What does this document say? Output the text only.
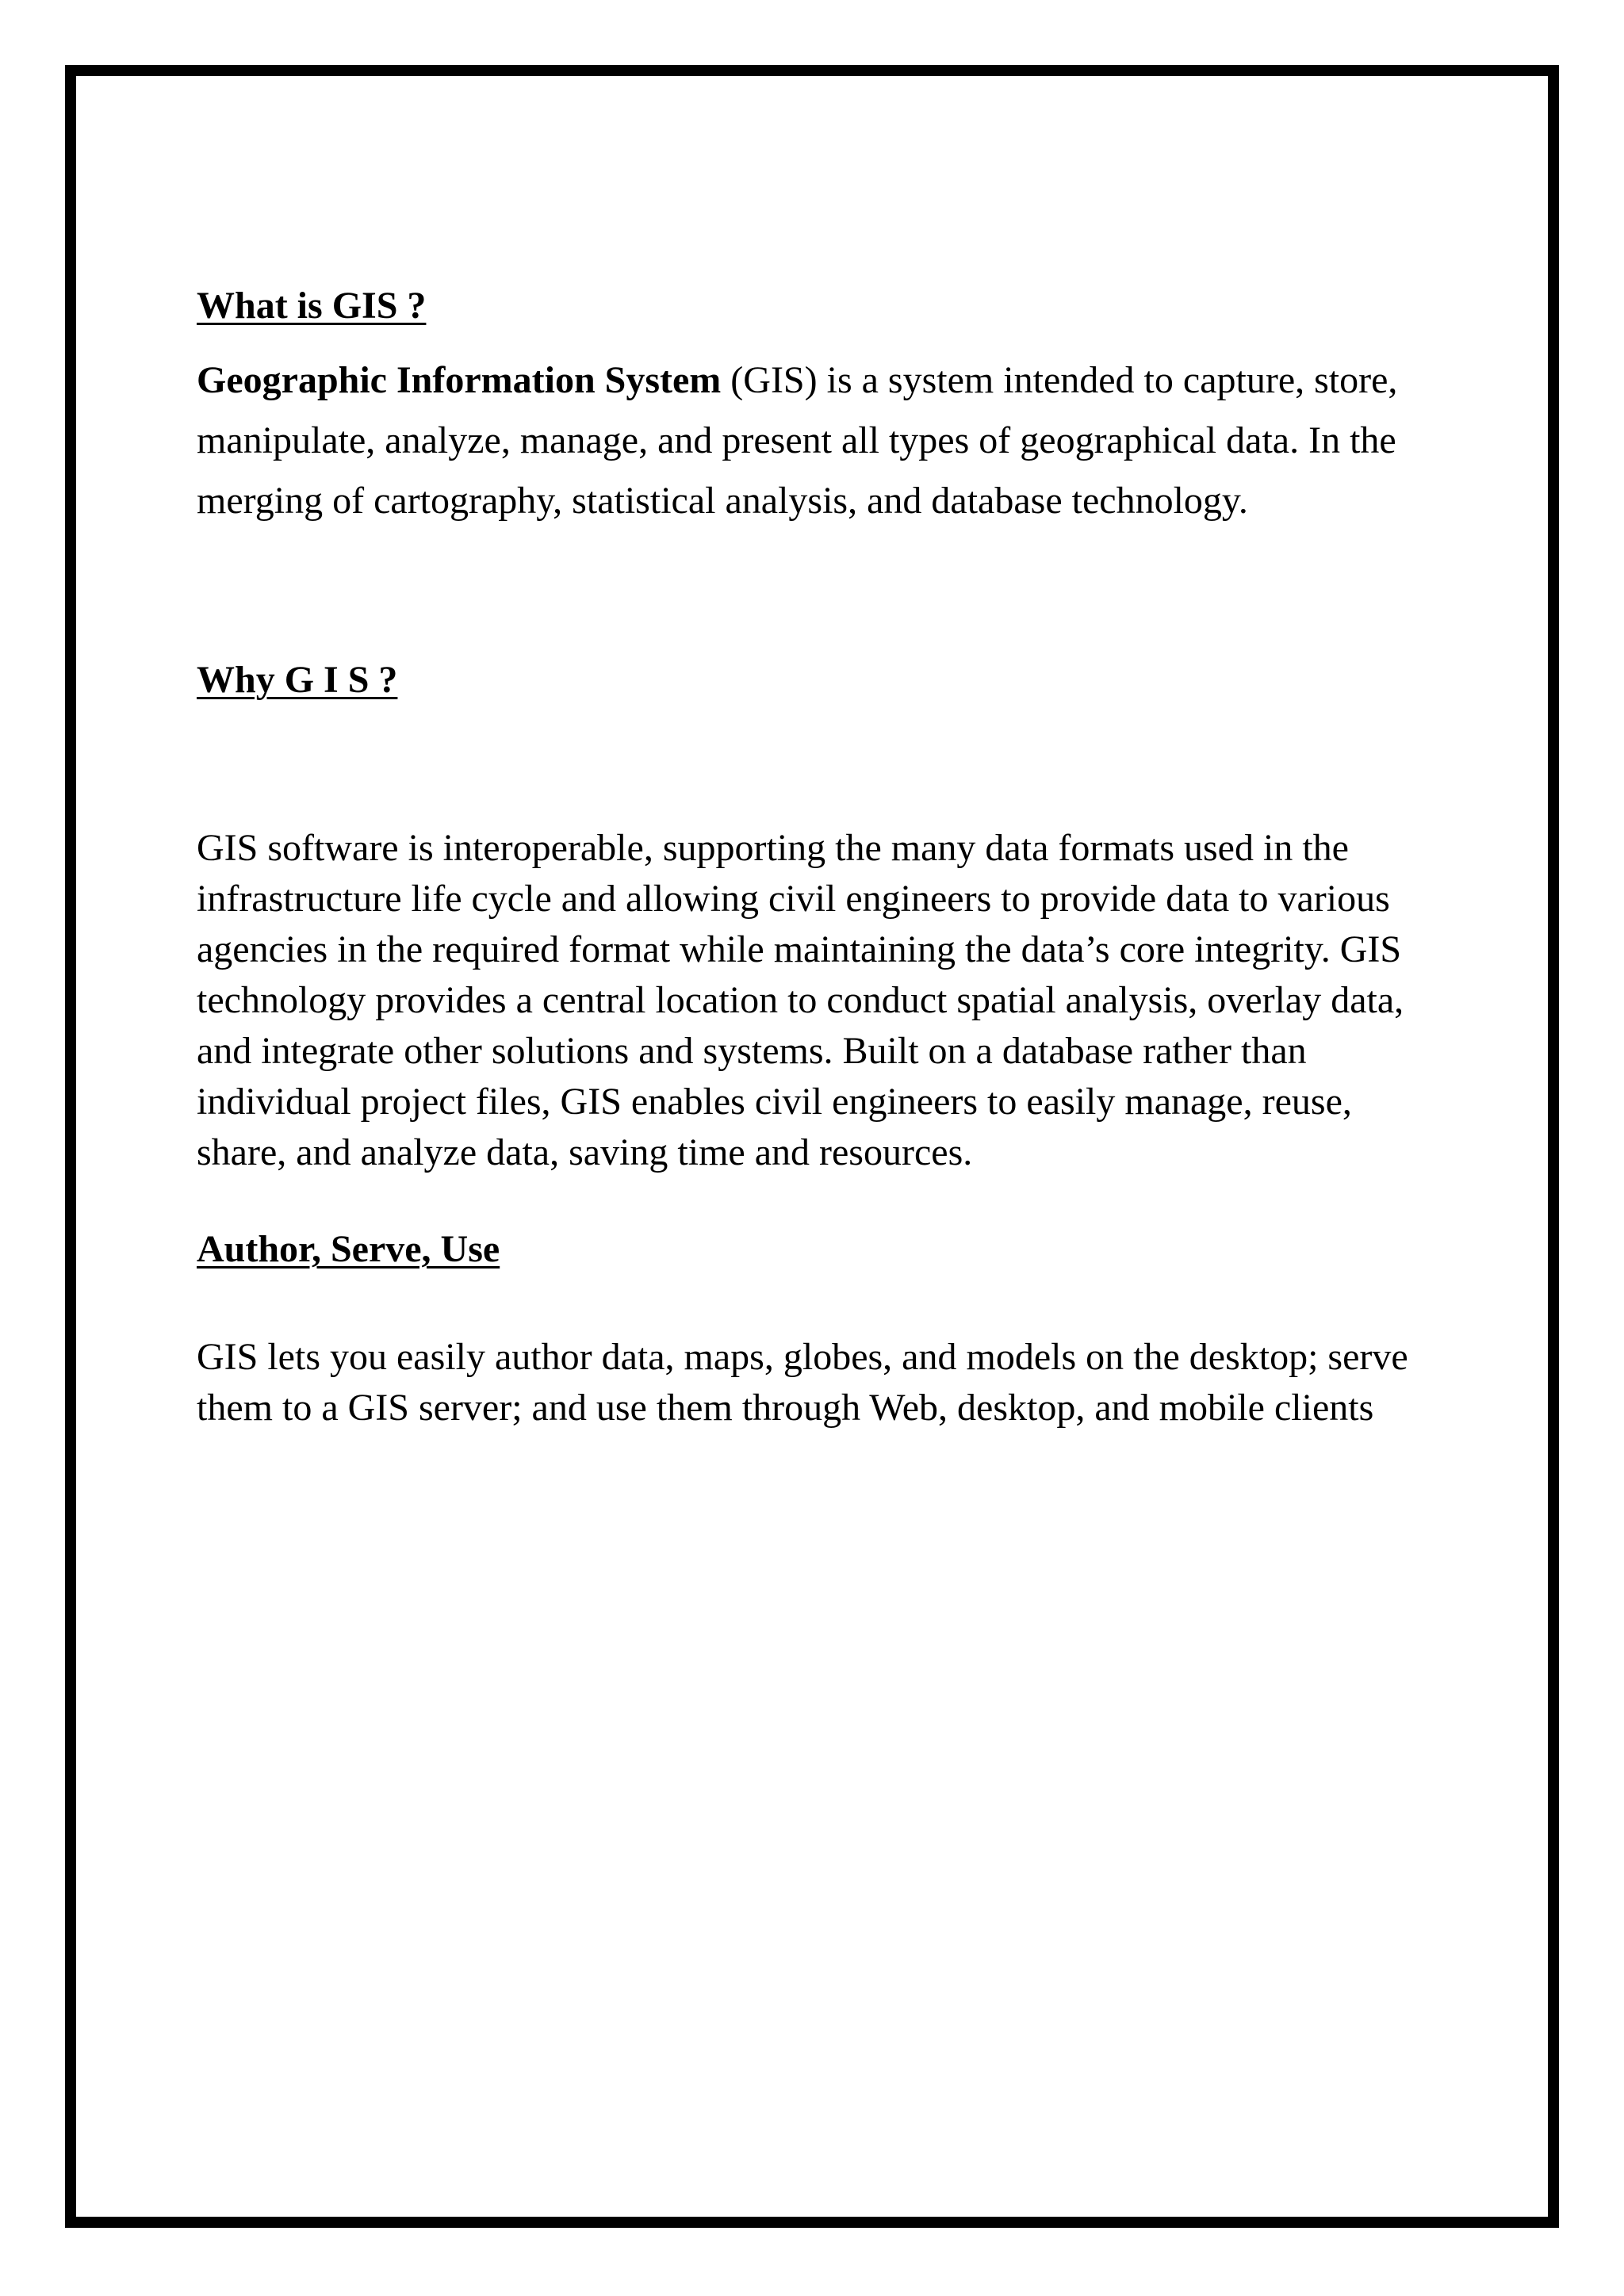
What is GIS ?

Geographic Information System (GIS) is a system intended to capture, store, manipulate, analyze, manage, and present all types of geographical data. In the merging of cartography, statistical analysis, and database technology.

Why G I S ?

GIS software is interoperable, supporting the many data formats used in the infrastructure life cycle and allowing civil engineers to provide data to various agencies in the required format while maintaining the data’s core integrity. GIS technology provides a central location to conduct spatial analysis, overlay data, and integrate other solutions and systems. Built on a database rather than individual project files, GIS enables civil engineers to easily manage, reuse, share, and analyze data, saving time and resources.

Author, Serve, Use

GIS lets you easily author data, maps, globes, and models on the desktop; serve them to a GIS server; and use them through Web, desktop, and mobile clients
